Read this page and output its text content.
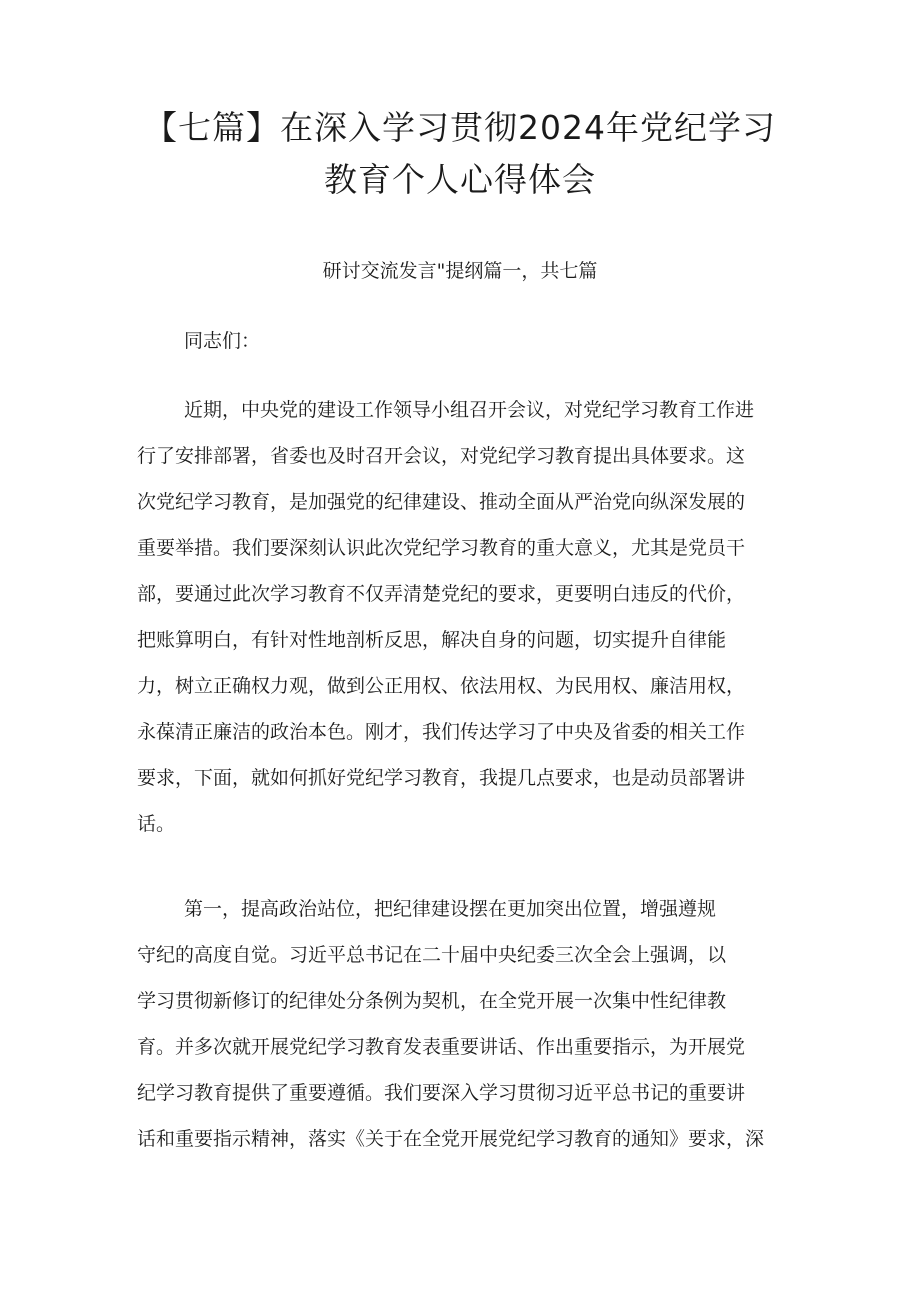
【七篇】在深入学习贯彻2024年党纪学习
教育个人心得体会
研讨交流发言"提纲篇一，共七篇
同志们：
近期，中央党的建设工作领导小组召开会议，对党纪学习教育工作进
行了安排部署，省委也及时召开会议，对党纪学习教育提出具体要求。这
次党纪学习教育，是加强党的纪律建设、推动全面从严治党向纵深发展的
重要举措。我们要深刻认识此次党纪学习教育的重大意义，尤其是党员干
部，要通过此次学习教育不仅弄清楚党纪的要求，更要明白违反的代价，
把账算明白，有针对性地剖析反思，解决自身的问题，切实提升自律能
力，树立正确权力观，做到公正用权、依法用权、为民用权、廉洁用权，
永葆清正廉洁的政治本色。刚才，我们传达学习了中央及省委的相关工作
要求，下面，就如何抓好党纪学习教育，我提几点要求，也是动员部署讲
话。
第一，提高政治站位，把纪律建设摆在更加突出位置，增强遵规
守纪的高度自觉。习近平总书记在二十届中央纪委三次全会上强调，以
学习贯彻新修订的纪律处分条例为契机，在全党开展一次集中性纪律教
育。并多次就开展党纪学习教育发表重要讲话、作出重要指示，为开展党
纪学习教育提供了重要遵循。我们要深入学习贯彻习近平总书记的重要讲
话和重要指示精神，落实《关于在全党开展党纪学习教育的通知》要求，深
